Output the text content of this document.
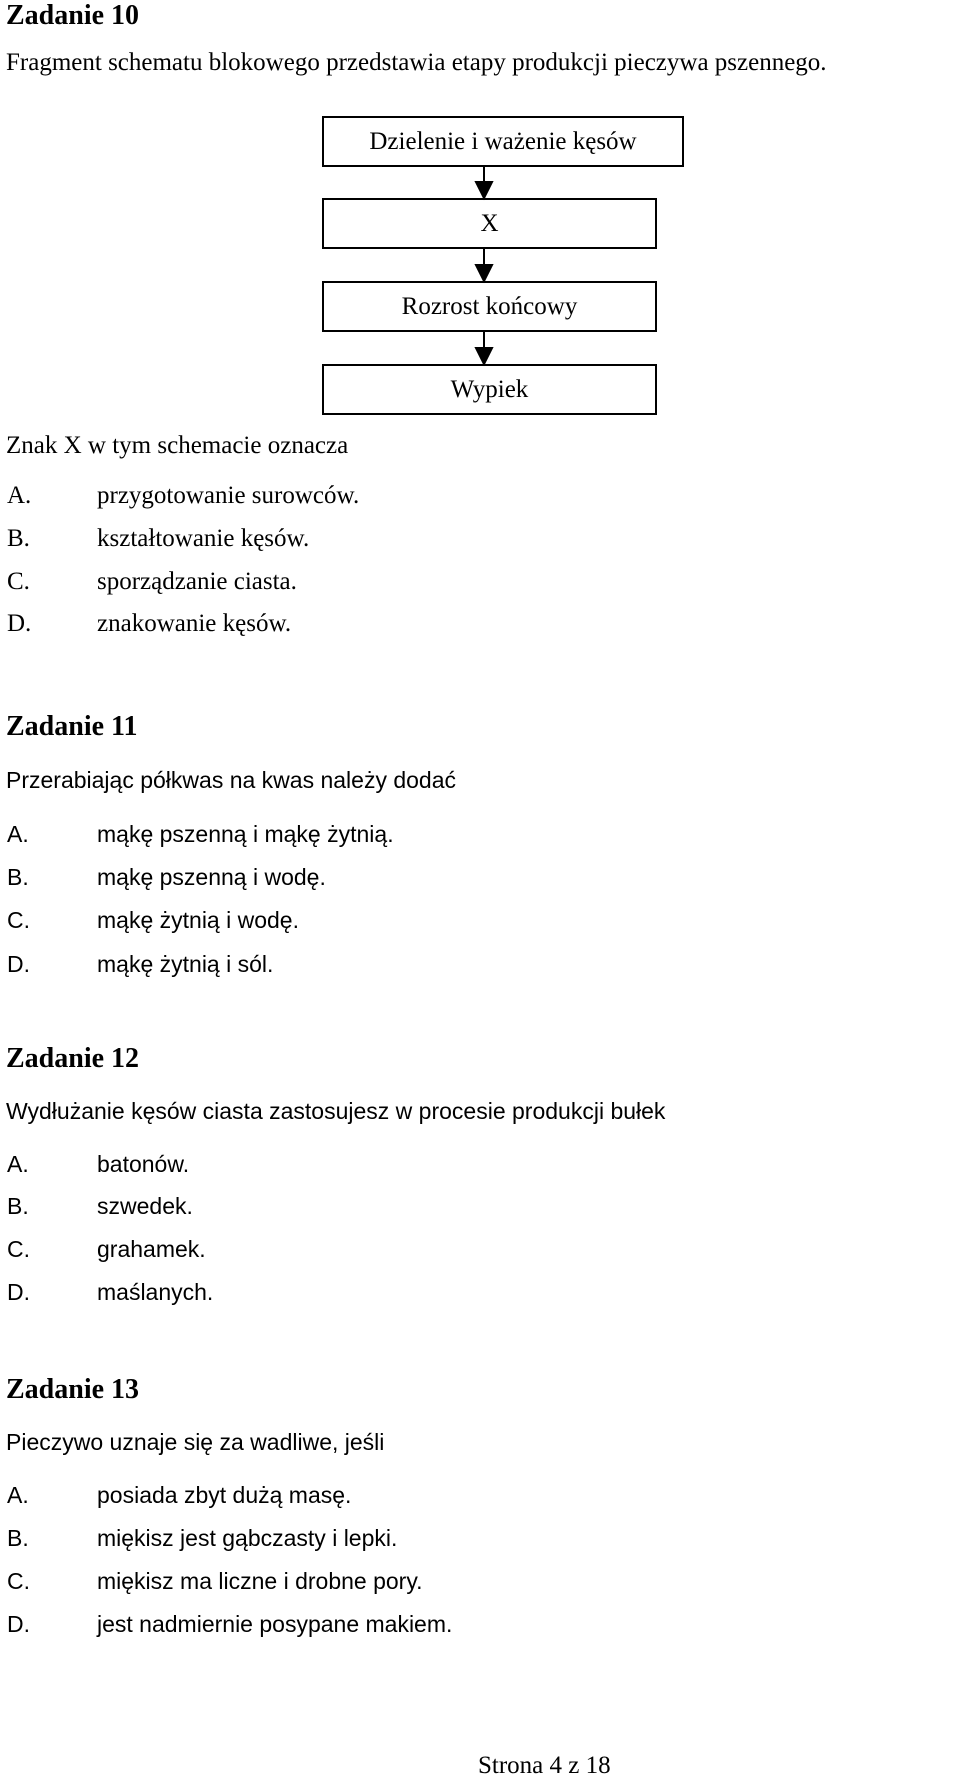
Zadanie 10
Fragment schematu blokowego przedstawia etapy produkcji pieczywa pszennego.
Dzielenie i ważenie kęsów
X
Rozrost końcowy
Wypiek
Znak X w tym schemacie oznacza
A.	przygotowanie surowców.
B.	kształtowanie kęsów.
C.	sporządzanie ciasta.
D.	znakowanie kęsów.
Zadanie 11
Przerabiając półkwas na kwas należy dodać
A.	mąkę pszenną i mąkę żytnią.
B.	mąkę pszenną i wodę.
C.	mąkę żytnią i wodę.
D.	mąkę żytnią i sól.
Zadanie 12
Wydłużanie kęsów ciasta zastosujesz w procesie produkcji bułek
A.	batonów.
B.	szwedek.
C.	grahamek.
D.	maślanych.
Zadanie 13
Pieczywo uznaje się za wadliwe, jeśli
A.	posiada zbyt dużą masę.
B.	miękisz jest gąbczasty i lepki.
C.	miękisz ma liczne i drobne pory.
D.	jest nadmiernie posypane makiem.
Strona 4 z 18
